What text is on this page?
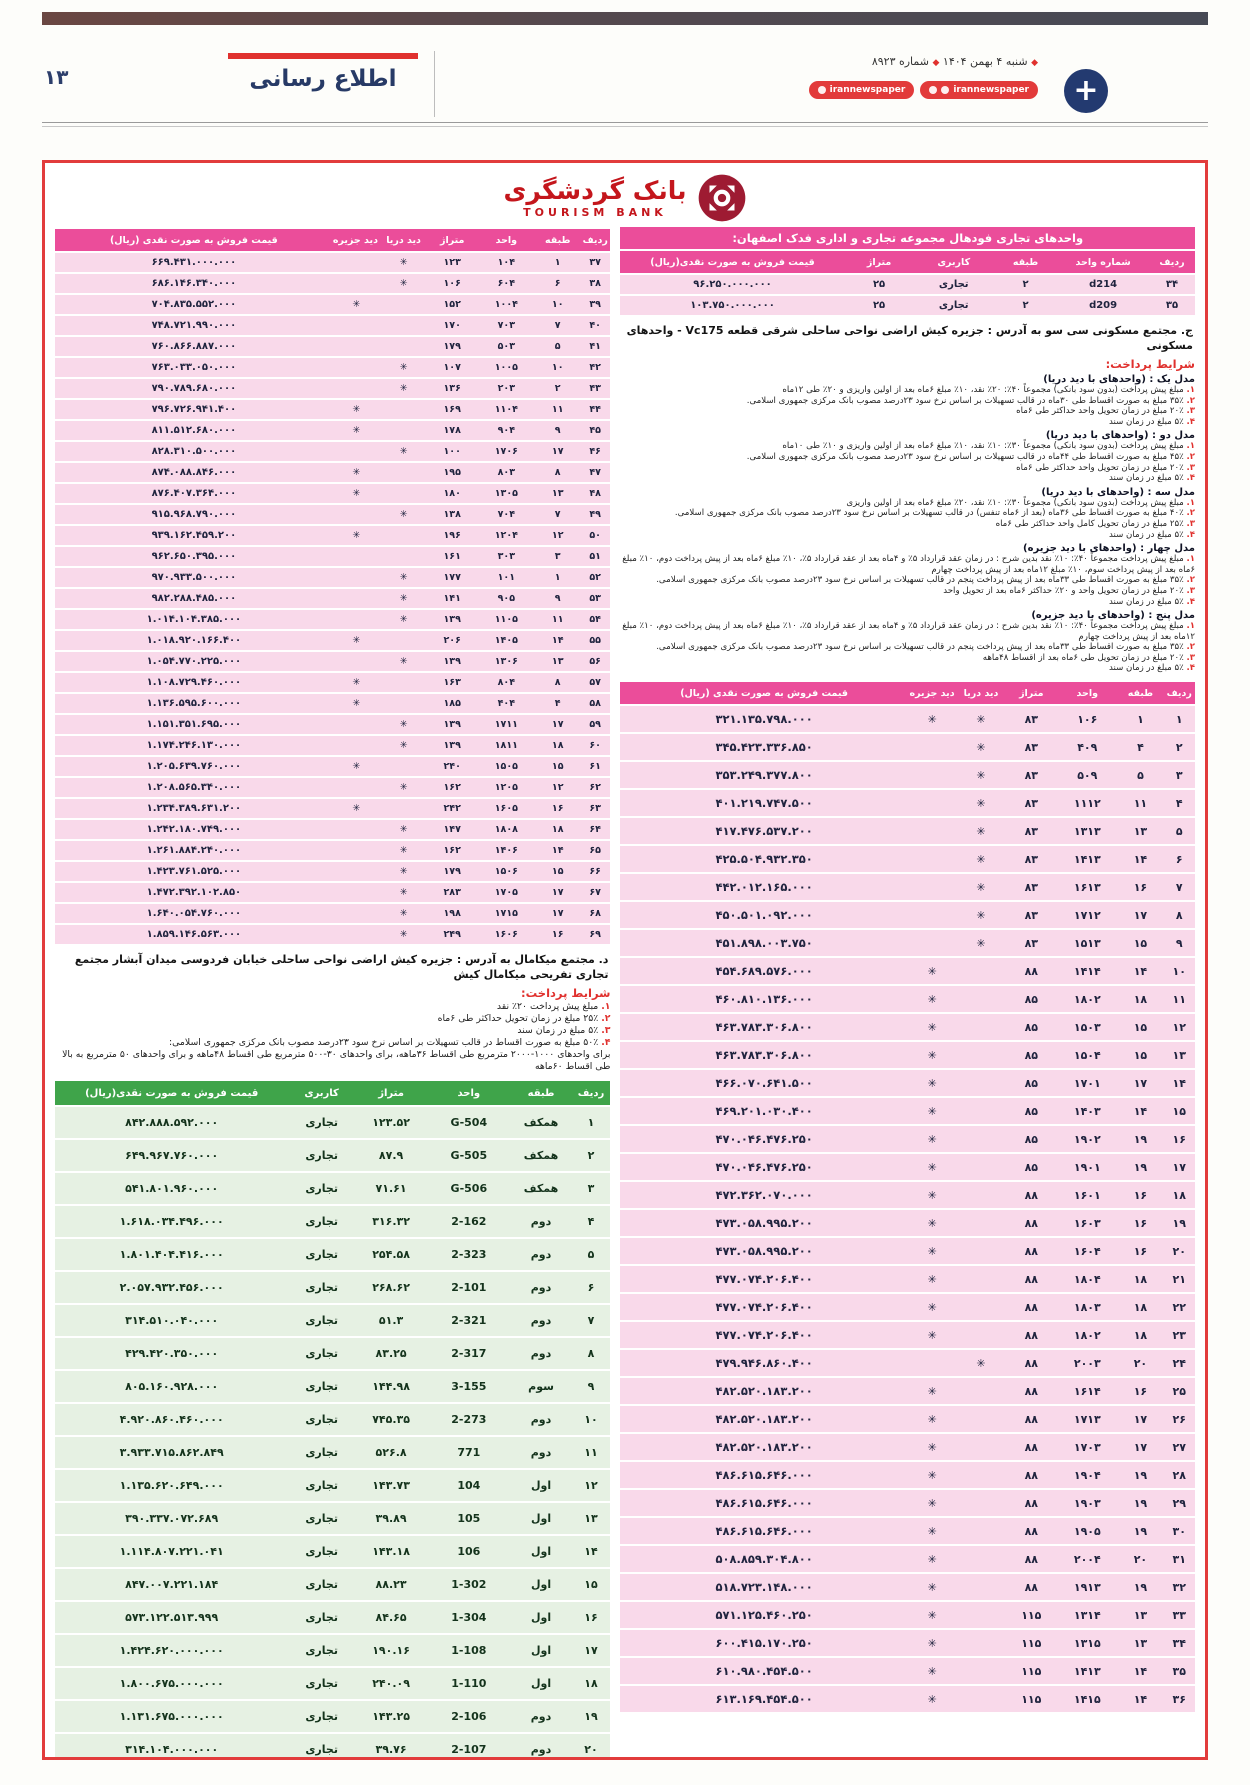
۱۳	اطلاع رسانی
◆ شنبه ۴ بهمن ۱۴۰۴ ◆ شماره ۸۹۲۳
irannewspaper	irannewspaper +
بانک گردشگری
TOURISM BANK
واحدهای تجاری فودهال مجموعه تجاری و اداری فدک اصفهان:
ردیف	شماره واحد	طبقه	کاربری	متراژ	قیمت فروش به صورت نقدی(ریال)
۳۴	d214	۲	تجاری	۲۵	۹۶.۲۵۰.۰۰۰.۰۰۰
۳۵	d209	۲	تجاری	۲۵	۱۰۳.۷۵۰.۰۰۰.۰۰۰
ج. مجتمع مسکونی سی سو به آدرس : جزیره کیش اراضی نواحی ساحلی شرقی قطعه Vc175 - واحدهای مسکونی
شرایط پرداخت:
مدل یک : (واحدهای با دید دریا)
۱. مبلغ پیش پرداخت (بدون سود بانکی) مجموعاً ۴۰٪: ۲۰٪ نقد، ۱۰٪ مبلغ ۶ماه بعد از اولین واریزی و ۲۰٪ طی ۱۲ماه
۲. ۳۵٪ مبلغ به صورت اقساط طی ۳۰ماه در قالب تسهیلات بر اساس نرخ سود ۲۳درصد مصوب بانک مرکزی جمهوری اسلامی.
۳. ۲۰٪ مبلغ در زمان تحویل واحد حداکثر طی ۶ماه
۴. ۵٪ مبلغ در زمان سند
مدل دو : (واحدهای با دید دریا)
۱. مبلغ پیش پرداخت (بدون سود بانکی) مجموعاً ۳۰٪: ۱۰٪ نقد، ۱۰٪ مبلغ ۶ماه بعد از اولین واریزی و ۱۰٪ طی ۱۰ماه
۲. ۴۵٪ مبلغ به صورت اقساط طی ۴۴ماه در قالب تسهیلات بر اساس نرخ سود ۲۳درصد مصوب بانک مرکزی جمهوری اسلامی.
۳. ۲۰٪ مبلغ در زمان تحویل واحد حداکثر طی ۶ماه
۴. ۵٪ مبلغ در زمان سند
مدل سه : (واحدهای با دید دریا)
۱. مبلغ پیش پرداخت (بدون سود بانکی) مجموعاً ۳۰٪: ۱۰٪ نقد، ۲۰٪ مبلغ ۶ماه بعد از اولین واریزی
۲. ۴۰٪ مبلغ به صورت اقساط طی ۳۶ماه (بعد از ۶ماه تنفس) در قالب تسهیلات بر اساس نرخ سود ۲۳درصد مصوب بانک مرکزی جمهوری اسلامی.
۳. ۲۵٪ مبلغ در زمان تحویل کامل واحد حداکثر طی ۶ماه
۴. ۵٪ مبلغ در زمان سند
مدل چهار : (واحدهای با دید جزیره)
۱. مبلغ پیش پرداخت مجموعاً ۴۰٪: ۱۰٪ نقد بدین شرح : در زمان عقد قرارداد ۵٪ و ۴ماه بعد از عقد قرارداد ۵٪، ۱۰٪ مبلغ ۶ماه بعد از پیش پرداخت دوم، ۱۰٪ مبلغ ۶ماه بعد از پیش پرداخت سوم، ۱۰٪ مبلغ ۱۲ماه بعد از پیش پرداخت چهارم
۲. ۳۵٪ مبلغ به صورت اقساط طی ۳۳ماه بعد از پیش پرداخت پنجم در قالب تسهیلات بر اساس نرخ سود ۲۳درصد مصوب بانک مرکزی جمهوری اسلامی.
۳. ۲۰٪ مبلغ در زمان تحویل واحد و ۲۰٪ حداکثر ۶ماه بعد از تحویل واحد
۴. ۵٪ مبلغ در زمان سند
مدل پنج : (واحدهای با دید جزیره)
۱. مبلغ پیش پرداخت مجموعاً ۴۰٪: ۱۰٪ نقد بدین شرح : در زمان عقد قرارداد ۵٪ و ۴ماه بعد از عقد قرارداد ۵٪، ۱۰٪ مبلغ ۶ماه بعد از پیش پرداخت دوم، ۱۰٪ مبلغ ۱۲ماه بعد از پیش پرداخت چهارم
۲. ۳۵٪ مبلغ به صورت اقساط طی ۳۳ماه بعد از پیش پرداخت پنجم در قالب تسهیلات بر اساس نرخ سود ۲۳درصد مصوب بانک مرکزی جمهوری اسلامی.
۳. ۲۰٪ مبلغ در زمان تحویل طی ۶ماه بعد از اقساط ۴۸ماهه
۴. ۵٪ مبلغ در زمان سند
ردیف	طبقه	واحد	متراژ	دید دریا	دید جزیره	قیمت فروش به صورت نقدی (ریال)
۱	۱	۱۰۶	۸۳	✳	✳	۳۲۱.۱۳۵.۷۹۸.۰۰۰
۲	۴	۴۰۹	۸۳	✳		۳۴۵.۴۲۳.۳۳۶.۸۵۰
۳	۵	۵۰۹	۸۳	✳		۳۵۳.۲۴۹.۳۷۷.۸۰۰
۴	۱۱	۱۱۱۲	۸۳	✳		۴۰۱.۲۱۹.۷۴۷.۵۰۰
۵	۱۳	۱۳۱۳	۸۳	✳		۴۱۷.۴۷۶.۵۳۷.۲۰۰
۶	۱۴	۱۴۱۳	۸۳	✳		۴۲۵.۵۰۴.۹۳۲.۳۵۰
۷	۱۶	۱۶۱۳	۸۳	✳		۴۴۲.۰۱۲.۱۶۵.۰۰۰
۸	۱۷	۱۷۱۲	۸۳	✳		۴۵۰.۵۰۱.۰۹۲.۰۰۰
۹	۱۵	۱۵۱۳	۸۳	✳		۴۵۱.۸۹۸.۰۰۳.۷۵۰
۱۰	۱۴	۱۴۱۴	۸۸		✳	۴۵۴.۶۸۹.۵۷۶.۰۰۰
۱۱	۱۸	۱۸۰۲	۸۵		✳	۴۶۰.۸۱۰.۱۳۶.۰۰۰
۱۲	۱۵	۱۵۰۳	۸۵		✳	۴۶۳.۷۸۳.۳۰۶.۸۰۰
۱۳	۱۵	۱۵۰۴	۸۵		✳	۴۶۳.۷۸۳.۳۰۶.۸۰۰
۱۴	۱۷	۱۷۰۱	۸۵		✳	۴۶۶.۰۷۰.۶۴۱.۵۰۰
۱۵	۱۴	۱۴۰۳	۸۵		✳	۴۶۹.۲۰۱.۰۳۰.۴۰۰
۱۶	۱۹	۱۹۰۲	۸۵		✳	۴۷۰.۰۴۶.۴۷۶.۲۵۰
۱۷	۱۹	۱۹۰۱	۸۵		✳	۴۷۰.۰۴۶.۴۷۶.۲۵۰
۱۸	۱۶	۱۶۰۱	۸۸		✳	۴۷۲.۳۶۲.۰۷۰.۰۰۰
۱۹	۱۶	۱۶۰۳	۸۸		✳	۴۷۳.۰۵۸.۹۹۵.۲۰۰
۲۰	۱۶	۱۶۰۴	۸۸		✳	۴۷۳.۰۵۸.۹۹۵.۲۰۰
۲۱	۱۸	۱۸۰۴	۸۸		✳	۴۷۷.۰۷۴.۲۰۶.۴۰۰
۲۲	۱۸	۱۸۰۳	۸۸		✳	۴۷۷.۰۷۴.۲۰۶.۴۰۰
۲۳	۱۸	۱۸۰۲	۸۸		✳	۴۷۷.۰۷۴.۲۰۶.۴۰۰
۲۴	۲۰	۲۰۰۳	۸۸	✳		۴۷۹.۹۴۶.۸۶۰.۴۰۰
۲۵	۱۶	۱۶۱۴	۸۸		✳	۴۸۲.۵۲۰.۱۸۳.۲۰۰
۲۶	۱۷	۱۷۱۳	۸۸		✳	۴۸۲.۵۲۰.۱۸۳.۲۰۰
۲۷	۱۷	۱۷۰۳	۸۸		✳	۴۸۲.۵۲۰.۱۸۳.۲۰۰
۲۸	۱۹	۱۹۰۴	۸۸		✳	۴۸۶.۶۱۵.۶۴۶.۰۰۰
۲۹	۱۹	۱۹۰۳	۸۸		✳	۴۸۶.۶۱۵.۶۴۶.۰۰۰
۳۰	۱۹	۱۹۰۵	۸۸		✳	۴۸۶.۶۱۵.۶۴۶.۰۰۰
۳۱	۲۰	۲۰۰۴	۸۸		✳	۵۰۸.۸۵۹.۳۰۴.۸۰۰
۳۲	۱۹	۱۹۱۳	۸۸		✳	۵۱۸.۷۲۳.۱۴۸.۰۰۰
۳۳	۱۳	۱۳۱۴	۱۱۵		✳	۵۷۱.۱۲۵.۴۶۰.۲۵۰
۳۴	۱۳	۱۳۱۵	۱۱۵		✳	۶۰۰.۴۱۵.۱۷۰.۲۵۰
۳۵	۱۴	۱۴۱۳	۱۱۵		✳	۶۱۰.۹۸۰.۴۵۴.۵۰۰
۳۶	۱۴	۱۴۱۵	۱۱۵		✳	۶۱۳.۱۶۹.۴۵۴.۵۰۰
ردیف	طبقه	واحد	متراژ	دید دریا	دید جزیره	قیمت فروش به صورت نقدی (ریال)
۳۷	۱	۱۰۴	۱۲۳	✳		۶۶۹.۴۳۱.۰۰۰.۰۰۰
۳۸	۶	۶۰۴	۱۰۶	✳		۶۸۶.۱۴۶.۳۴۰.۰۰۰
۳۹	۱۰	۱۰۰۴	۱۵۲		✳	۷۰۴.۸۳۵.۵۵۲.۰۰۰
۴۰	۷	۷۰۳	۱۷۰			۷۴۸.۷۲۱.۹۹۰.۰۰۰
۴۱	۵	۵۰۳	۱۷۹			۷۶۰.۸۶۶.۸۸۷.۰۰۰
۴۲	۱۰	۱۰۰۵	۱۰۷	✳		۷۶۳.۰۳۳.۰۵۰.۰۰۰
۴۳	۲	۲۰۳	۱۳۶	✳		۷۹۰.۷۸۹.۶۸۰.۰۰۰
۴۴	۱۱	۱۱۰۴	۱۶۹		✳	۷۹۶.۷۲۶.۹۴۱.۴۰۰
۴۵	۹	۹۰۴	۱۷۸		✳	۸۱۱.۵۱۲.۶۸۰.۰۰۰
۴۶	۱۷	۱۷۰۶	۱۰۰	✳		۸۲۸.۳۱۰.۵۰۰.۰۰۰
۴۷	۸	۸۰۳	۱۹۵		✳	۸۷۴.۰۸۸.۸۴۶.۰۰۰
۴۸	۱۳	۱۳۰۵	۱۸۰		✳	۸۷۶.۴۰۷.۳۶۴.۰۰۰
۴۹	۷	۷۰۴	۱۳۸	✳		۹۱۵.۹۶۸.۷۹۰.۰۰۰
۵۰	۱۲	۱۲۰۴	۱۹۶		✳	۹۳۹.۱۶۲.۴۵۹.۲۰۰
۵۱	۳	۳۰۳	۱۶۱			۹۶۲.۶۵۰.۳۹۵.۰۰۰
۵۲	۱	۱۰۱	۱۷۷	✳		۹۷۰.۹۳۳.۵۰۰.۰۰۰
۵۳	۹	۹۰۵	۱۴۱	✳		۹۸۲.۲۸۸.۴۸۵.۰۰۰
۵۴	۱۱	۱۱۰۵	۱۳۹	✳		۱.۰۱۴.۱۰۴.۳۸۵.۰۰۰
۵۵	۱۴	۱۴۰۵	۲۰۶		✳	۱.۰۱۸.۹۲۰.۱۶۶.۴۰۰
۵۶	۱۳	۱۳۰۶	۱۳۹	✳		۱.۰۵۴.۷۷۰.۲۲۵.۰۰۰
۵۷	۸	۸۰۴	۱۶۳		✳	۱.۱۰۸.۷۲۹.۴۶۰.۰۰۰
۵۸	۴	۴۰۴	۱۸۵		✳	۱.۱۳۶.۵۹۵.۶۰۰.۰۰۰
۵۹	۱۷	۱۷۱۱	۱۳۹	✳		۱.۱۵۱.۳۵۱.۶۹۵.۰۰۰
۶۰	۱۸	۱۸۱۱	۱۳۹	✳		۱.۱۷۴.۲۴۶.۱۳۰.۰۰۰
۶۱	۱۵	۱۵۰۵	۲۴۰		✳	۱.۲۰۵.۶۳۹.۷۶۰.۰۰۰
۶۲	۱۲	۱۲۰۵	۱۶۲	✳		۱.۲۰۸.۵۶۵.۳۴۰.۰۰۰
۶۳	۱۶	۱۶۰۵	۲۴۲		✳	۱.۲۳۴.۳۸۹.۶۳۱.۲۰۰
۶۴	۱۸	۱۸۰۸	۱۴۷	✳		۱.۲۴۲.۱۸۰.۷۴۹.۰۰۰
۶۵	۱۴	۱۴۰۶	۱۶۲	✳		۱.۲۶۱.۸۸۴.۲۴۰.۰۰۰
۶۶	۱۵	۱۵۰۶	۱۷۹	✳		۱.۴۲۳.۷۶۱.۵۲۵.۰۰۰
۶۷	۱۷	۱۷۰۵	۲۸۳	✳		۱.۴۷۲.۳۹۲.۱۰۲.۸۵۰
۶۸	۱۷	۱۷۱۵	۱۹۸	✳		۱.۶۴۰.۰۵۴.۷۶۰.۰۰۰
۶۹	۱۶	۱۶۰۶	۲۴۹	✳		۱.۸۵۹.۱۴۶.۵۶۳.۰۰۰
د. مجتمع میکامال به آدرس : جزیره کیش اراضی نواحی ساحلی خیابان فردوسی میدان آبشار مجتمع تجاری تفریحی میکامال کیش
شرایط پرداخت:
۱. مبلغ پیش پرداخت ۲۰٪ نقد
۲. ۲۵٪ مبلغ در زمان تحویل حداکثر طی ۶ماه
۳. ۵٪ مبلغ در زمان سند
۴. ۵۰٪ مبلغ به صورت اقساط در قالب تسهیلات بر اساس نرخ سود ۲۳درصد مصوب بانک مرکزی جمهوری اسلامی:
برای واحدهای ۱۰۰۰-۲۰۰۰ مترمربع طی اقساط ۳۶ماهه، برای واحدهای ۳۰-۵۰۰ مترمربع طی اقساط ۴۸ماهه و برای واحدهای ۵۰ مترمربع به بالا طی اقساط ۶۰ماهه
ردیف	طبقه	واحد	متراژ	کاربری	قیمت فروش به صورت نقدی(ریال)
۱	همکف	G-504	۱۲۳.۵۲	تجاری	۸۴۲.۸۸۸.۵۹۲.۰۰۰
۲	همکف	G-505	۸۷.۹	تجاری	۶۴۹.۹۶۷.۷۶۰.۰۰۰
۳	همکف	G-506	۷۱.۶۱	تجاری	۵۴۱.۸۰۱.۹۶۰.۰۰۰
۴	دوم	2-162	۳۱۶.۳۲	تجاری	۱.۶۱۸.۰۳۴.۴۹۶.۰۰۰
۵	دوم	2-323	۲۵۴.۵۸	تجاری	۱.۸۰۱.۴۰۴.۴۱۶.۰۰۰
۶	دوم	2-101	۲۶۸.۶۲	تجاری	۲.۰۵۷.۹۳۲.۴۵۶.۰۰۰
۷	دوم	2-321	۵۱.۳	تجاری	۳۱۴.۵۱۰.۰۴۰.۰۰۰
۸	دوم	2-317	۸۳.۲۵	تجاری	۴۲۹.۴۲۰.۳۵۰.۰۰۰
۹	سوم	3-155	۱۴۴.۹۸	تجاری	۸۰۵.۱۶۰.۹۲۸.۰۰۰
۱۰	دوم	2-273	۷۴۵.۳۵	تجاری	۴.۹۲۰.۸۶۰.۴۶۰.۰۰۰
۱۱	دوم	771	۵۲۶.۸	تجاری	۳.۹۳۳.۷۱۵.۸۶۲.۸۴۹
۱۲	اول	104	۱۴۳.۷۳	تجاری	۱.۱۳۵.۶۲۰.۶۴۹.۰۰۰
۱۳	اول	105	۳۹.۸۹	تجاری	۳۹۰.۳۳۷.۰۷۲.۶۸۹
۱۴	اول	106	۱۴۳.۱۸	تجاری	۱.۱۱۴.۸۰۷.۲۲۱.۰۴۱
۱۵	اول	1-302	۸۸.۲۳	تجاری	۸۴۷.۰۰۷.۲۲۱.۱۸۴
۱۶	اول	1-304	۸۴.۶۵	تجاری	۵۷۳.۱۲۲.۵۱۳.۹۹۹
۱۷	اول	1-108	۱۹۰.۱۶	تجاری	۱.۴۲۴.۶۲۰.۰۰۰.۰۰۰
۱۸	اول	1-110	۲۴۰.۰۹	تجاری	۱.۸۰۰.۶۷۵.۰۰۰.۰۰۰
۱۹	دوم	2-106	۱۴۳.۲۵	تجاری	۱.۱۳۱.۶۷۵.۰۰۰.۰۰۰
۲۰	دوم	2-107	۳۹.۷۶	تجاری	۳۱۴.۱۰۴.۰۰۰.۰۰۰
